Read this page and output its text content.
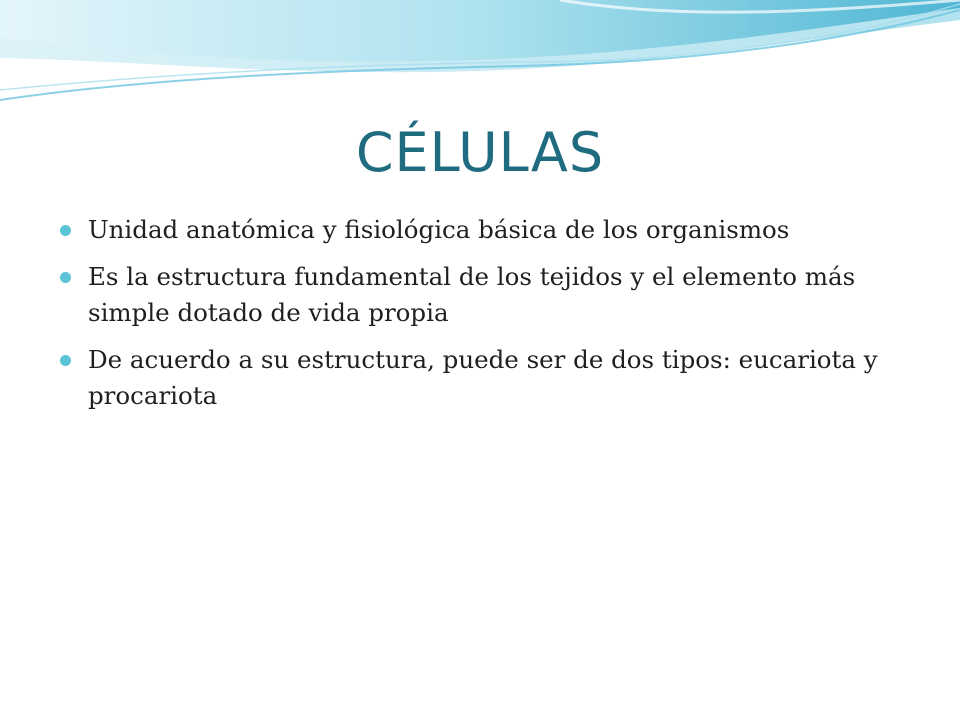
CÉLULAS
Unidad anatómica y fisiológica básica de los organismos
Es la estructura fundamental de los tejidos y el elemento más simple dotado de vida propia
De acuerdo a su estructura, puede ser de dos tipos: eucariota y procariota
